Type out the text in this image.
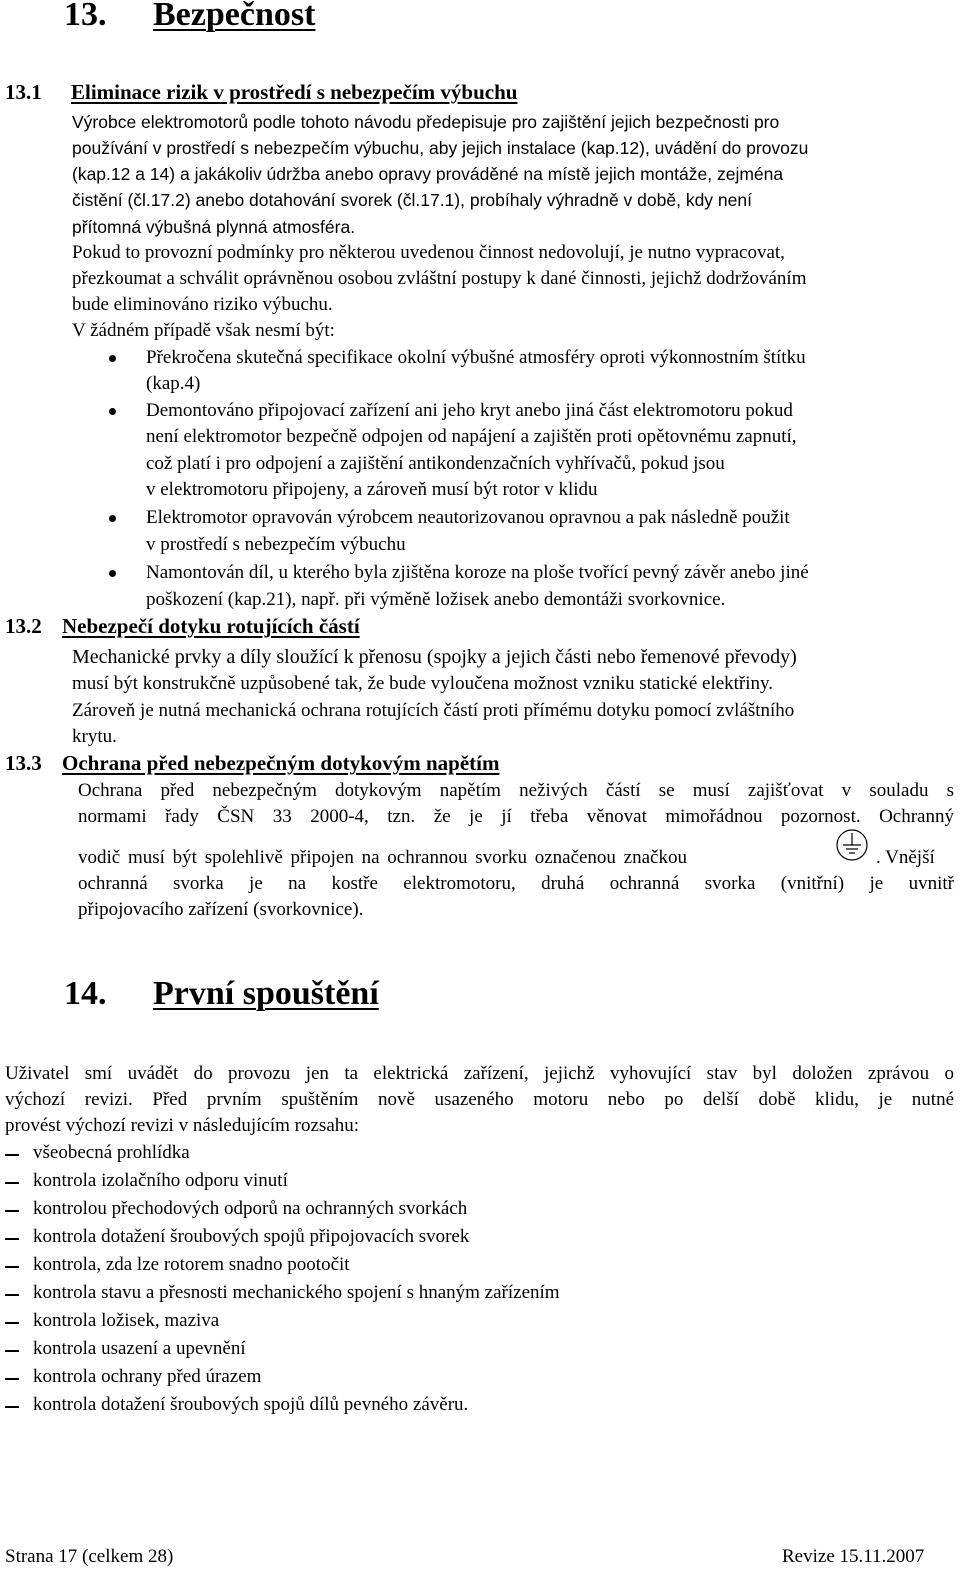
13. Bezpečnost
13.1 Eliminace rizik v prostředí s nebezpečím výbuchu
Výrobce elektromotorů podle tohoto návodu předepisuje pro zajištění jejich bezpečnosti pro
používání v prostředí s nebezpečím výbuchu, aby jejich instalace (kap.12), uvádění do provozu
(kap.12 a 14) a jakákoliv údržba anebo opravy prováděné na místě jejich montáže, zejména
čistění (čl.17.2) anebo dotahování svorek (čl.17.1), probíhaly výhradně v době, kdy není
přítomná výbušná plynná atmosféra.
Pokud to provozní podmínky pro některou uvedenou činnost nedovolují, je nutno vypracovat,
přezkoumat a schválit oprávněnou osobou zvláštní postupy k dané činnosti, jejichž dodržováním
bude eliminováno riziko výbuchu.
V žádném případě však nesmí být:
Překročena skutečná specifikace okolní výbušné atmosféry oproti výkonnostním štítku
(kap.4)
Demontováno připojovací zařízení ani jeho kryt anebo jiná část elektromotoru pokud
není elektromotor bezpečně odpojen od napájení a zajištěn proti opětovnému zapnutí,
což platí i pro odpojení a zajištění antikondenzačních vyhřívačů, pokud jsou
v elektromotoru připojeny, a zároveň musí být rotor v klidu
Elektromotor opravován výrobcem neautorizovanou opravnou a pak následně použit
v prostředí s nebezpečím výbuchu
Namontován díl, u kterého byla zjištěna koroze na ploše tvořící pevný závěr anebo jiné
poškození (kap.21), např. při výměně ložisek anebo demontáži svorkovnice.
13.2 Nebezpečí dotyku rotujících částí
Mechanické prvky a díly sloužící k přenosu (spojky a jejich části nebo řemenové převody)
musí být konstrukčně uzpůsobené tak, že bude vyloučena možnost vzniku statické elektřiny.
Zároveň je nutná mechanická ochrana rotujících částí proti přímému dotyku pomocí zvláštního
krytu.
13.3 Ochrana před nebezpečným dotykovým napětím
Ochrana před nebezpečným dotykovým napětím neživých částí se musí zajišťovat v souladu s
normami řady ČSN 33 2000-4, tzn. že je jí třeba věnovat mimořádnou pozornost. Ochranný
vodič musí být spolehlivě připojen na ochrannou svorku označenou značkou	. Vnější
ochranná svorka je na kostře elektromotoru, druhá ochranná svorka (vnitřní) je uvnitř
připojovacího zařízení (svorkovnice).
14. První spouštění
Uživatel smí uvádět do provozu jen ta elektrická zařízení, jejichž vyhovující stav byl doložen zprávou o
výchozí revizi. Před prvním spuštěním nově usazeného motoru nebo po delší době klidu, je nutné
provést výchozí revizi v následujícím rozsahu:
všeobecná prohlídka
kontrola izolačního odporu vinutí
kontrolou přechodových odporů na ochranných svorkách
kontrola dotažení šroubových spojů připojovacích svorek
kontrola, zda lze rotorem snadno pootočit
kontrola stavu a přesnosti mechanického spojení s hnaným zařízením
kontrola ložisek, maziva
kontrola usazení a upevnění
kontrola ochrany před úrazem
kontrola dotažení šroubových spojů dílů pevného závěru.
Strana 17 (celkem 28)	Revize 15.11.2007
